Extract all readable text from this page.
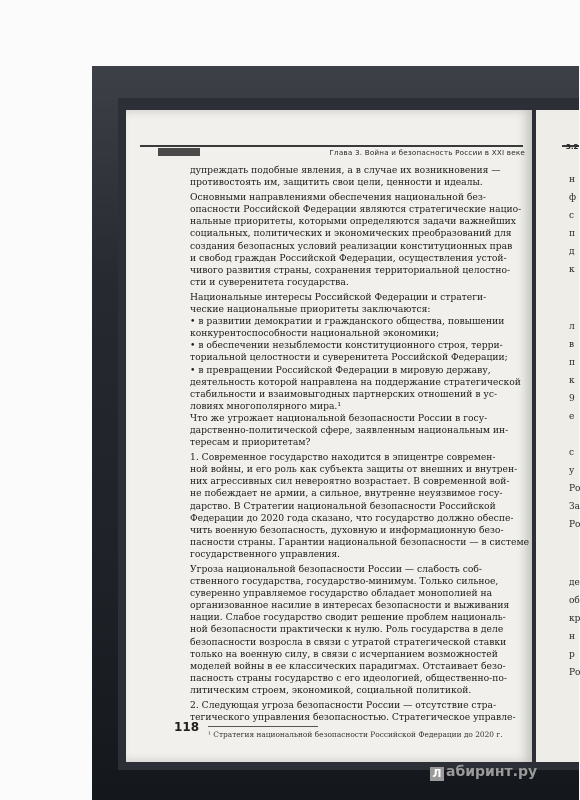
Глава 3. Война и безопасность России в XXI веке
3.2
дупреждать подобные явления, а в случае их возникновения —
противостоять им, защитить свои цели, ценности и идеалы.
Основными направлениями обеспечения национальной без-
опасности Российской Федерации являются стратегические нацио-
нальные приоритеты, которыми определяются задачи важнейших
социальных, политических и экономических преобразований для
создания безопасных условий реализации конституционных прав
и свобод граждан Российской Федерации, осуществления устой-
чивого развития страны, сохранения территориальной целостно-
сти и суверенитета государства.
Национальные интересы Российской Федерации и стратеги-
ческие национальные приоритеты заключаются:
• в развитии демократии и гражданского общества, повышении
конкурентоспособности национальной экономики;
• в обеспечении незыблемости конституционного строя, терри-
ториальной целостности и суверенитета Российской Федерации;
• в превращении Российской Федерации в мировую державу,
деятельность которой направлена на поддержание стратегической
стабильности и взаимовыгодных партнерских отношений в ус-
ловиях многополярного мира.¹
Что же угрожает национальной безопасности России в госу-
дарственно-политической сфере, заявленным национальным ин-
тересам и приоритетам?
1. Современное государство находится в эпицентре современ-
ной войны, и его роль как субъекта защиты от внешних и внутрен-
них агрессивных сил невероятно возрастает. В современной вой-
не побеждает не армии, а сильное, внутренне неуязвимое госу-
дарство. В Стратегии национальной безопасности Российской
Федерации до 2020 года сказано, что государство должно обеспе-
чить военную безопасность, духовную и информационную безо-
пасности страны. Гарантии национальной безопасности — в системе
государственного управления.
Угроза национальной безопасности России — слабость соб-
ственного государства, государство-минимум. Только сильное,
суверенно управляемое государство обладает монополией на
организованное насилие в интересах безопасности и выживания
нации. Слабое государство сводит решение проблем националь-
ной безопасности практически к нулю. Роль государства в деле
безопасности возросла в связи с утратой стратегической ставки
только на военную силу, в связи с исчерпанием возможностей
моделей войны в ее классических парадигмах. Отстаивает безо-
пасность страны государство с его идеологией, общественно-по-
литическим строем, экономикой, социальной политикой.
2. Следующая угроза безопасности России — отсутствие стра-
тегического управления безопасностью. Стратегическое управле-
118
¹ Стратегия национальной безопасности Российской Федерации до 2020 г.
Л абиринт.ру
н
ф
с
п
д
к
л
в
п
к
9
е
с
у
Ро
За
Ро
де
об
кр
н
р
Ро
